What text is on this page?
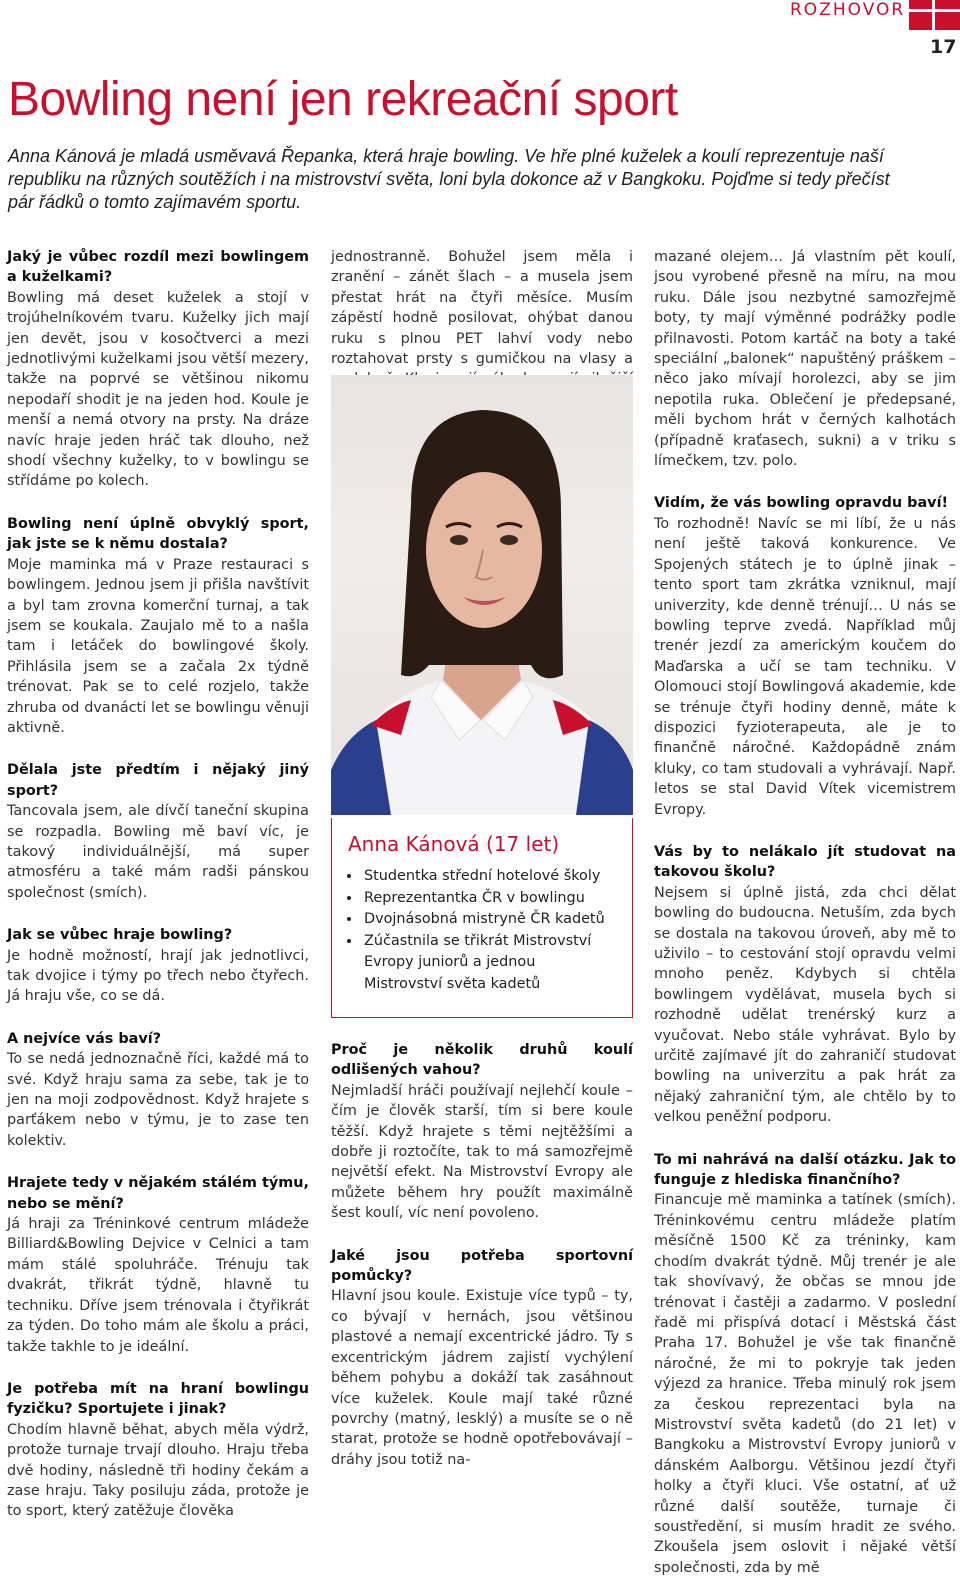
ROZHOVOR
17
Bowling není jen rekreační sport
Anna Kánová je mladá usměvavá Řepanka, která hraje bowling. Ve hře plné kuželek a koulí reprezentuje naší republiku na různých soutěžích i na mistrovství světa, loni byla dokonce až v Bangkoku. Pojďme si tedy přečíst pár řádků o tomto zajímavém sportu.

Jaký je vůbec rozdíl mezi bowlingem a kuželkami?

Bowling má deset kuželek a stojí v trojúhelníkovém tvaru. Kuželky jich mají jen devět, jsou v kosočtverci a mezi jednotlivými kuželkami jsou větší mezery, takže na poprvé se většinou nikomu nepodaří shodit je na jeden hod. Koule je menší a nemá otvory na prsty. Na dráze navíc hraje jeden hráč tak dlouho, než shodí všechny kuželky, to v bowlingu se střídáme po kolech.

Bowling není úplně obvyklý sport, jak jste se k němu dostala?

Moje maminka má v Praze restauraci s bowlingem. Jednou jsem ji přišla navštívit a byl tam zrovna komerční turnaj, a tak jsem se koukala. Zaujalo mě to a našla tam i letáček do bowlingové školy. Přihlásila jsem se a začala 2x týdně trénovat. Pak se to celé rozjelo, takže zhruba od dvanácti let se bowlingu věnuji aktivně.

Dělala jste předtím i nějaký jiný sport?

Tancovala jsem, ale dívčí taneční skupina se rozpadla. Bowling mě baví víc, je takový individuálnější, má super atmosféru a také mám radši pánskou společnost (smích).

Jak se vůbec hraje bowling?

Je hodně možností, hrají jak jednotlivci, tak dvojice i týmy po třech nebo čtyřech. Já hraju vše, co se dá.

A nejvíce vás baví?

To se nedá jednoznačně říci, každé má to své. Když hraju sama za sebe, tak je to jen na moji zodpovědnost. Když hrajete s parťákem nebo v týmu, je to zase ten kolektiv.

Hrajete tedy v nějakém stálém týmu, nebo se mění?

Já hraji za Tréninkové centrum mládeže Billiard&Bowling Dejvice v Celnici a tam mám stálé spoluhráče. Trénuju tak dvakrát, třikrát týdně, hlavně tu techniku. Dříve jsem trénovala i čtyřikrát za týden. Do toho mám ale školu a práci, takže takhle to je ideální.

Je potřeba mít na hraní bowlingu fyzičku? Sportujete i jinak?

Chodím hlavně běhat, abych měla výdrž, protože turnaje trvají dlouho. Hraju třeba dvě hodiny, následně tři hodiny čekám a zase hraju. Taky posiluju záda, protože je to sport, který zatěžuje člověka

jednostranně. Bohužel jsem měla i zranění – zánět šlach – a musela jsem přestat hrát na čtyři měsíce. Musím zápěstí hodně posilovat, ohýbat danou ruku s plnou PET lahví vody nebo roztahovat prsty s gumičkou na vlasy a

Anna Kánová (17 let)
• Studentka střední hotelové školy
• Reprezentantka ČR v bowlingu
• Dvojnásobná mistryně ČR kadetů
• Zúčastnila se třikrát Mistrovství Evropy juniorů a jednou Mistrovství světa kadetů

Proč je několik druhů koulí odlišených vahou?

Nejmladší hráči používají nejlehčí koule – čím je člověk starší, tím si bere koule těžší. Když hrajete s těmi nejtěžšími a dobře ji roztočíte, tak to má samozřejmě největší efekt. Na Mistrovství Evropy ale můžete během hry použít maximálně šest koulí, víc není povoleno.

Jaké jsou potřeba sportovní pomůcky?

Hlavní jsou koule. Existuje více typů – ty, co bývají v hernách, jsou většinou plastové a nemají excentrické jádro. Ty s excentrickým jádrem zajistí vychýlení během pohybu a dokáží tak zasáhnout více kuželek. Koule mají také různé povrchy (matný, lesklý) a musíte se o ně starat, protože se hodně opotřebovávají – dráhy jsou totiž na-

mazané olejem… Já vlastním pět koulí, jsou vyrobené přesně na míru, na mou ruku. Dále jsou nezbytné samozřejmě boty, ty mají výměnné podrážky podle přilnavosti. Potom kartáč na boty a také speciální „balonek“ napuštěný práškem – něco jako mívají horolezci, aby se jim nepotila ruka. Oblečení je předepsané, měli bychom hrát v černých kalhotách (případně kraťasech, sukni) a v triku s límečkem, tzv. polo.

Vidím, že vás bowling opravdu baví!

To rozhodně! Navíc se mi líbí, že u nás není ještě taková konkurence. Ve Spojených státech je to úplně jinak – tento sport tam zkrátka vzniknul, mají univerzity, kde denně trénují… U nás se bowling teprve zvedá. Například můj trenér jezdí za americkým koučem do Maďarska a učí se tam techniku. V Olomouci stojí Bowlingová akademie, kde se trénuje čtyři hodiny denně, máte k dispozici fyzioterapeuta, ale je to finančně náročné. Každopádně znám kluky, co tam studovali a vyhrávají. Např. letos se stal David Vítek vicemistrem Evropy.

Vás by to nelákalo jít studovat na takovou školu?

Nejsem si úplně jistá, zda chci dělat bowling do budoucna. Netuším, zda bych se dostala na takovou úroveň, aby mě to uživilo – to cestování stojí opravdu velmi mnoho peněz. Kdybych si chtěla bowlingem vydělávat, musela bych si rozhodně udělat trenérský kurz a vyučovat. Nebo stále vyhrávat. Bylo by určitě zajímavé jít do zahraničí studovat bowling na univerzitu a pak hrát za nějaký zahraniční tým, ale chtělo by to velkou peněžní podporu.

To mi nahrává na další otázku. Jak to funguje z hlediska finančního?

Financuje mě maminka a tatínek (smích). Tréninkovému centru mládeže platím měsíčně 1500 Kč za tréninky, kam chodím dvakrát týdně. Můj trenér je ale tak shovívavý, že občas se mnou jde trénovat i častěji a zadarmo. V poslední řadě mi přispívá dotací i Městská část Praha 17. Bohužel je vše tak finančně náročné, že mi to pokryje tak jeden výjezd za hranice. Třeba minulý rok jsem za českou reprezentaci byla na Mistrovství světa kadetů (do 21 let) v Bangkoku a Mistrovství Evropy juniorů v dánském Aalborgu. Většinou jezdí čtyři holky a čtyři kluci. Vše ostatní, ať už různé další soutěže, turnaje či soustředění, si musím hradit ze svého. Zkoušela jsem oslovit i nějaké větší společnosti, zda by mě
